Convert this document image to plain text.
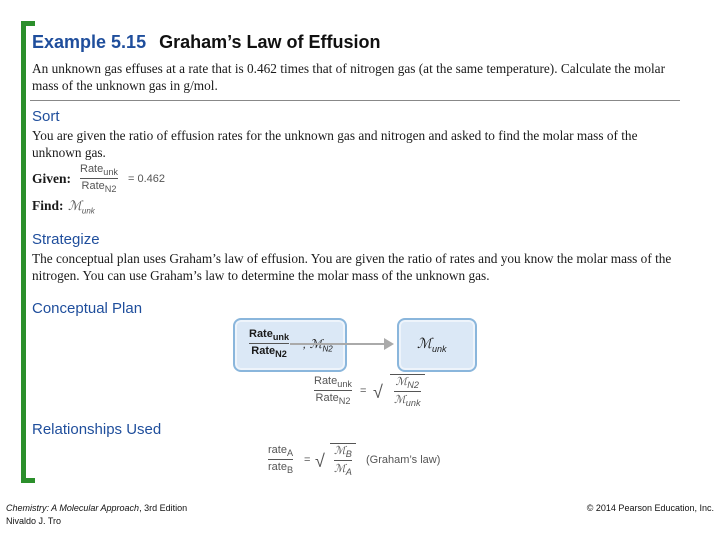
Example 5.15 Graham’s Law of Effusion
An unknown gas effuses at a rate that is 0.462 times that of nitrogen gas (at the same temperature). Calculate the molar mass of the unknown gas in g/mol.
Sort
You are given the ratio of effusion rates for the unknown gas and nitrogen and asked to find the molar mass of the unknown gas.
Given:
Rate$_{unk}$
Rate$_{N2}$
= 0.462
Find: ℳ$_{unk}$
Strategize
The conceptual plan uses Graham’s law of effusion. You are given the ratio of rates and you know the molar mass of the nitrogen. You can use Graham’s law to determine the molar mass of the unknown gas.
Conceptual Plan
Rate$_{unk}$
Rate$_{N2}$
, ℳ$_{N2}$	ℳ$_{unk}$
Rate$_{unk}$
Rate$_{N2}$
= √ ℳ$_{N2}$
ℳ$_{unk}$
Relationships Used
rate$_A$
rate$_B$
= √ ℳ$_B$
ℳ$_A$
(Graham’s law)
Chemistry: A Molecular Approach, 3rd Edition
Nivaldo J. Tro
© 2014 Pearson Education, Inc.
